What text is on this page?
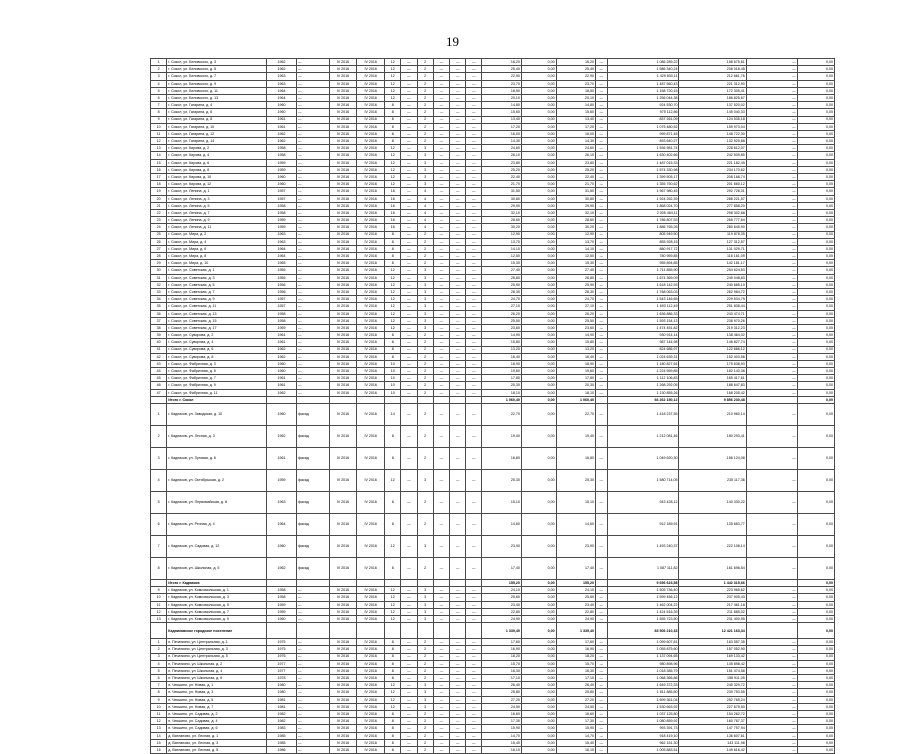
19
1	г. Сокол, ул. Беловского, д. 3	1962	—	IV 2016	IV 2016	12	—	2	—	—	—	16,20	0,00	16,20	—	1 086 289,22	158 675,61	—	0,00
2	г. Сокол, ул. Беловского, д. 5	1962	—	IV 2016	IV 2016	12	—	2	—	—	—	25,40	0,00	25,40	—	1 586 340,24	236 018,45	—	0,00
3	г. Сокол, ул. Беловского, д. 7	1963	—	IV 2016	IV 2016	12	—	2	—	—	—	22,90	0,00	22,90	—	1 429 830,11	212 661,76	—	0,00
4	г. Сокол, ул. Беловского, д. 9	1963	—	IV 2016	IV 2016	12	—	2	—	—	—	23,70	0,00	23,70	—	1 487 560,43	221 312,90	—	0,00
5	г. Сокол, ул. Беловского, д. 11	1964	—	IV 2016	IV 2016	12	—	2	—	—	—	18,50	0,00	18,50	—	1 158 720,15	172 305,41	—	0,00
6	г. Сокол, ул. Беловского, д. 13	1964	—	IV 2016	IV 2016	12	—	2	—	—	—	20,10	0,00	20,10	—	1 256 044,38	186 825,67	—	0,00
7	г. Сокол, ул. Гагарина, д. 4	1960	—	IV 2016	IV 2016	8	—	2	—	—	—	14,80	0,00	14,80	—	924 530,70	137 520,02	—	0,00
8	г. Сокол, ул. Гагарина, д. 6	1960	—	IV 2016	IV 2016	8	—	2	—	—	—	15,60	0,00	15,60	—	975 112,86	145 040,33	—	0,00
9	г. Сокол, ул. Гагарина, д. 8	1961	—	IV 2016	IV 2016	8	—	2	—	—	—	13,40	0,00	13,40	—	837 261,09	124 535,18	—	0,00
10	г. Сокол, ул. Гагарина, д. 10	1961	—	IV 2016	IV 2016	8	—	2	—	—	—	17,20	0,00	17,20	—	1 075 480,52	159 973,04	—	0,00
11	г. Сокол, ул. Гагарина, д. 12	1962	—	IV 2016	IV 2016	8	—	2	—	—	—	16,00	0,00	16,00	—	999 871,45	148 722,30	—	0,00
12	г. Сокол, ул. Гагарина, д. 14	1962	—	IV 2016	IV 2016	8	—	2	—	—	—	14,30	0,00	14,30	—	893 640,27	132 925,88	—	0,00
13	г. Сокол, ул. Кирова, д. 2	1958	—	IV 2016	IV 2016	12	—	3	—	—	—	24,60	0,00	24,60	—	1 536 981,74	228 612,07	—	0,00
14	г. Сокол, ул. Кирова, д. 4	1958	—	IV 2016	IV 2016	12	—	3	—	—	—	26,10	0,00	26,10	—	1 630 402,66	242 509,85	—	0,00
15	г. Сокол, ул. Кирова, д. 6	1959	—	IV 2016	IV 2016	12	—	3	—	—	—	23,80	0,00	23,80	—	1 487 015,33	221 182,49	—	0,00
16	г. Сокол, ул. Кирова, д. 8	1959	—	IV 2016	IV 2016	12	—	3	—	—	—	25,20	0,00	25,20	—	1 574 330,98	234 170,62	—	0,00
17	г. Сокол, ул. Кирова, д. 10	1960	—	IV 2016	IV 2016	12	—	3	—	—	—	22,40	0,00	22,40	—	1 399 505,17	208 168,74	—	0,00
18	г. Сокол, ул. Кирова, д. 12	1960	—	IV 2016	IV 2016	12	—	3	—	—	—	21,70	0,00	21,70	—	1 355 750,62	201 660,12	—	0,00
19	г. Сокол, ул. Ленина, д. 1	1957	—	IV 2016	IV 2016	16	—	4	—	—	—	31,50	0,00	31,50	—	1 967 980,45	292 726,01	—	0,00
20	г. Сокол, ул. Ленина, д. 3	1957	—	IV 2016	IV 2016	16	—	4	—	—	—	30,80	0,00	30,80	—	1 924 252,39	286 221,57	—	0,00
21	г. Сокол, ул. Ленина, д. 5	1958	—	IV 2016	IV 2016	16	—	4	—	—	—	29,90	0,00	29,90	—	1 868 024,70	277 858,20	—	0,00
22	г. Сокол, ул. Ленина, д. 7	1958	—	IV 2016	IV 2016	16	—	4	—	—	—	32,10	0,00	32,10	—	2 005 464,11	298 302,68	—	0,00
23	г. Сокол, ул. Ленина, д. 9	1959	—	IV 2016	IV 2016	16	—	4	—	—	—	28,60	0,00	28,60	—	1 786 807,53	265 777,64	—	0,00
24	г. Сокол, ул. Ленина, д. 11	1959	—	IV 2016	IV 2016	16	—	4	—	—	—	30,20	0,00	30,20	—	1 886 765,26	280 645,90	—	0,00
25	г. Сокол, ул. Мира, д. 2	1963	—	IV 2016	IV 2016	8	—	2	—	—	—	12,90	0,00	12,90	—	805 949,50	119 878,35	—	0,00
26	г. Сокол, ул. Мира, д. 4	1963	—	IV 2016	IV 2016	8	—	2	—	—	—	13,70	0,00	13,70	—	855 928,15	127 312,57	—	0,00
27	г. Сокол, ул. Мира, д. 6	1964	—	IV 2016	IV 2016	8	—	2	—	—	—	14,10	0,00	14,10	—	880 917,72	131 029,71	—	0,00
28	г. Сокол, ул. Мира, д. 8	1964	—	IV 2016	IV 2016	8	—	2	—	—	—	12,50	0,00	12,50	—	780 959,85	116 161,09	—	0,00
29	г. Сокол, ул. Мира, д. 10	1965	—	IV 2016	IV 2016	8	—	2	—	—	—	15,30	0,00	15,30	—	955 894,85	142 181,17	—	0,00
30	г. Сокол, ул. Советская, д. 1	1955	—	IV 2016	IV 2016	12	—	3	—	—	—	27,40	0,00	27,40	—	1 711 855,90	254 624,53	—	0,00
31	г. Сокол, ул. Советская, д. 3	1955	—	IV 2016	IV 2016	12	—	3	—	—	—	26,80	0,00	26,80	—	1 674 369,09	249 048,83	—	0,00
32	г. Сокол, ул. Советская, д. 5	1956	—	IV 2016	IV 2016	12	—	3	—	—	—	25,90	0,00	25,90	—	1 618 142,93	240 685,10	—	0,00
33	г. Сокол, ул. Советская, д. 7	1956	—	IV 2016	IV 2016	12	—	3	—	—	—	28,30	0,00	28,30	—	1 768 063,03	262 984,72	—	0,00
34	г. Сокол, ул. Советская, д. 9	1957	—	IV 2016	IV 2016	12	—	3	—	—	—	24,70	0,00	24,70	—	1 543 146,65	229 534,79	—	0,00
35	г. Сокол, ул. Советская, д. 11	1957	—	IV 2016	IV 2016	12	—	3	—	—	—	27,10	0,00	27,10	—	1 693 112,49	251 838,44	—	0,00
36	г. Сокол, ул. Советская, д. 13	1958	—	IV 2016	IV 2016	12	—	3	—	—	—	26,20	0,00	26,20	—	1 636 886,33	243 474,71	—	0,00
37	г. Сокол, ул. Советская, д. 15	1958	—	IV 2016	IV 2016	12	—	3	—	—	—	25,50	0,00	25,50	—	1 593 154,13	236 970,26	—	0,00
38	г. Сокол, ул. Советская, д. 17	1959	—	IV 2016	IV 2016	12	—	3	—	—	—	23,60	0,00	23,60	—	1 474 451,82	219 312,23	—	0,00
39	г. Сокол, ул. Суворова, д. 2	1961	—	IV 2016	IV 2016	8	—	2	—	—	—	14,90	0,00	14,90	—	930 914,14	138 464,02	—	0,00
40	г. Сокол, ул. Суворова, д. 4	1961	—	IV 2016	IV 2016	8	—	2	—	—	—	15,80	0,00	15,80	—	987 144,98	146 827,74	—	0,00
41	г. Сокол, ул. Суворова, д. 6	1962	—	IV 2016	IV 2016	8	—	2	—	—	—	13,20	0,00	13,20	—	824 686,97	122 666,12	—	0,00
42	г. Сокол, ул. Суворова, д. 8	1962	—	IV 2016	IV 2016	8	—	2	—	—	—	16,40	0,00	16,40	—	1 024 639,31	152 403,56	—	0,00
43	г. Сокол, ул. Фабричная, д. 3	1960	—	IV 2016	IV 2016	10	—	2	—	—	—	18,90	0,00	18,90	—	1 180 827,64	175 638,93	—	0,00
44	г. Сокол, ул. Фабричная, д. 5	1960	—	IV 2016	IV 2016	10	—	2	—	—	—	19,60	0,00	19,60	—	1 224 559,85	182 143,38	—	0,00
45	г. Сокол, ул. Фабричная, д. 7	1961	—	IV 2016	IV 2016	10	—	2	—	—	—	17,80	0,00	17,80	—	1 112 106,83	165 417,61	—	0,00
46	г. Сокол, ул. Фабричная, д. 9	1961	—	IV 2016	IV 2016	10	—	2	—	—	—	20,30	0,00	20,30	—	1 268 292,05	188 647,83	—	0,00
47	г. Сокол, ул. Фабричная, д. 11	1962	—	IV 2016	IV 2016	10	—	2	—	—	—	18,10	0,00	18,10	—	1 130 855,26	168 205,42	—	0,00
	Итого г. Сокол											1 060,40	0,00	1 060,40		66 262 150,12	9 856 230,48		0,00
1	г. Кадников, ул. Заводская, д. 10	1960	фасад	IV 2016	IV 2016	14	—	2	—	—	—	22,70	0,00	22,70	—	1 418 237,55	210 960,14	—	0,00
2	г. Кадников, ул. Лесная, д. 3	1962	фасад	IV 2016	IV 2016	8	—	2	—	—	—	19,40	0,00	19,40	—	1 212 081,46	180 293,41	—	0,00
3	г. Кадников, ул. Луговая, д. 6	1961	фасад	IV 2016	IV 2016	8	—	2	—	—	—	16,80	0,00	16,80	—	1 049 620,30	156 124,08	—	0,00
4	г. Кадников, ул. Октябрьская, д. 2	1959	фасад	IV 2016	IV 2016	12	—	3	—	—	—	25,30	0,00	25,30	—	1 580 714,05	235 117,36	—	0,00
5	г. Кадников, ул. Первомайская, д. 8	1963	фасад	IV 2016	IV 2016	8	—	2	—	—	—	15,10	0,00	15,10	—	943 428,12	140 330,22	—	0,00
6	г. Кадников, ул. Речная, д. 4	1964	фасад	IV 2016	IV 2016	8	—	2	—	—	—	14,60	0,00	14,60	—	912 189,91	135 683,77	—	0,00
7	г. Кадников, ул. Садовая, д. 12	1960	фасад	IV 2016	IV 2016	12	—	3	—	—	—	23,90	0,00	23,90	—	1 493 240,37	222 108,14	—	0,00
8	г. Кадников, ул. Школьная, д. 5	1962	фасад	IV 2016	IV 2016	8	—	2	—	—	—	17,40	0,00	17,40	—	1 087 111,82	161 698,54	—	0,00
	Итого г. Кадников											155,20	0,00	155,20		9 696 623,58	1 442 315,66		0,00
9	г. Кадников, ул. Комсомольская, д. 1	1958	—	IV 2016	IV 2016	12	—	3	—	—	—	24,10	0,00	24,10	—	1 505 736,40	223 965,62	—	0,00
10	г. Кадников, ул. Комсомольская, д. 3	1958	—	IV 2016	IV 2016	12	—	3	—	—	—	25,60	0,00	25,60	—	1 599 456,12	237 905,43	—	0,00
11	г. Кадников, ул. Комсомольская, д. 5	1959	—	IV 2016	IV 2016	12	—	3	—	—	—	23,40	0,00	23,40	—	1 462 004,22	217 461,18	—	0,00
12	г. Кадников, ул. Комсомольская, д. 7	1959	—	IV 2016	IV 2016	12	—	3	—	—	—	22,80	0,00	22,80	—	1 424 516,39	211 885,02	—	0,00
13	г. Кадников, ул. Комсомольская, д. 9	1960	—	IV 2016	IV 2016	12	—	3	—	—	—	24,90	0,00	24,90	—	1 555 723,50	231 400,95	—	0,00
	Кадниковское городское поселение											1 339,40	0,00	1 339,40		83 506 210,33	12 421 163,34		0,00
1	п. Печаткино, ул. Центральная, д. 1	1975	—	IV 2016	IV 2016	8	—	2	—	—	—	17,60	0,00	17,60	—	1 099 607,81	163 557,35	—	0,00
2	п. Печаткино, ул. Центральная, д. 3	1975	—	IV 2016	IV 2016	8	—	2	—	—	—	16,90	0,00	16,90	—	1 055 875,60	157 052,90	—	0,00
3	п. Печаткино, ул. Центральная, д. 5	1976	—	IV 2016	IV 2016	8	—	2	—	—	—	18,20	0,00	18,20	—	1 137 094,65	169 133,42	—	0,00
4	п. Печаткино, ул. Школьная, д. 2	1977	—	IV 2016	IV 2016	8	—	2	—	—	—	15,70	0,00	15,70	—	980 898,96	145 898,42	—	0,00
5	п. Печаткино, ул. Школьная, д. 4	1977	—	IV 2016	IV 2016	8	—	2	—	—	—	16,30	0,00	16,30	—	1 018 385,79	151 474,58	—	0,00
6	п. Печаткино, ул. Школьная, д. 6	1978	—	IV 2016	IV 2016	8	—	2	—	—	—	17,10	0,00	17,10	—	1 068 366,86	158 911,05	—	0,00
7	п. Чекшино, ул. Новая, д. 1	1980	—	IV 2016	IV 2016	12	—	3	—	—	—	26,40	0,00	26,40	—	1 649 372,33	245 329,72	—	0,00
8	п. Чекшино, ул. Новая, д. 3	1980	—	IV 2016	IV 2016	12	—	3	—	—	—	25,80	0,00	25,80	—	1 611 885,50	239 753,55	—	0,00
9	п. Чекшино, ул. Новая, д. 5	1981	—	IV 2016	IV 2016	12	—	3	—	—	—	27,20	0,00	27,20	—	1 699 361,04	252 765,24	—	0,00
10	п. Чекшино, ул. Новая, д. 7	1981	—	IV 2016	IV 2016	12	—	3	—	—	—	24,50	0,00	24,50	—	1 530 663,92	227 675,50	—	0,00
11	п. Чекшино, ул. Садовая, д. 2	1982	—	IV 2016	IV 2016	8	—	2	—	—	—	16,60	0,00	16,60	—	1 037 125,80	154 262,72	—	0,00
12	п. Чекшино, ул. Садовая, д. 4	1982	—	IV 2016	IV 2016	8	—	2	—	—	—	17,30	0,00	17,30	—	1 080 859,92	160 767,37	—	0,00
13	п. Чекшино, ул. Садовая, д. 6	1983	—	IV 2016	IV 2016	8	—	2	—	—	—	15,90	0,00	15,90	—	993 391,73	147 757,94	—	0,00
14	д. Ватланово, ул. Лесная, д. 1	1985	—	IV 2016	IV 2016	8	—	2	—	—	—	14,70	0,00	14,70	—	918 419,10	136 607,61	—	0,00
15	д. Ватланово, ул. Лесная, д. 3	1985	—	IV 2016	IV 2016	8	—	2	—	—	—	15,40	0,00	15,40	—	962 151,30	143 111,98	—	0,00
16	д. Ватланово, ул. Лесная, д. 5	1986	—	IV 2016	IV 2016	8	—	2	—	—	—	16,10	0,00	16,10	—	1 005 883,51	149 616,42	—	0,00
